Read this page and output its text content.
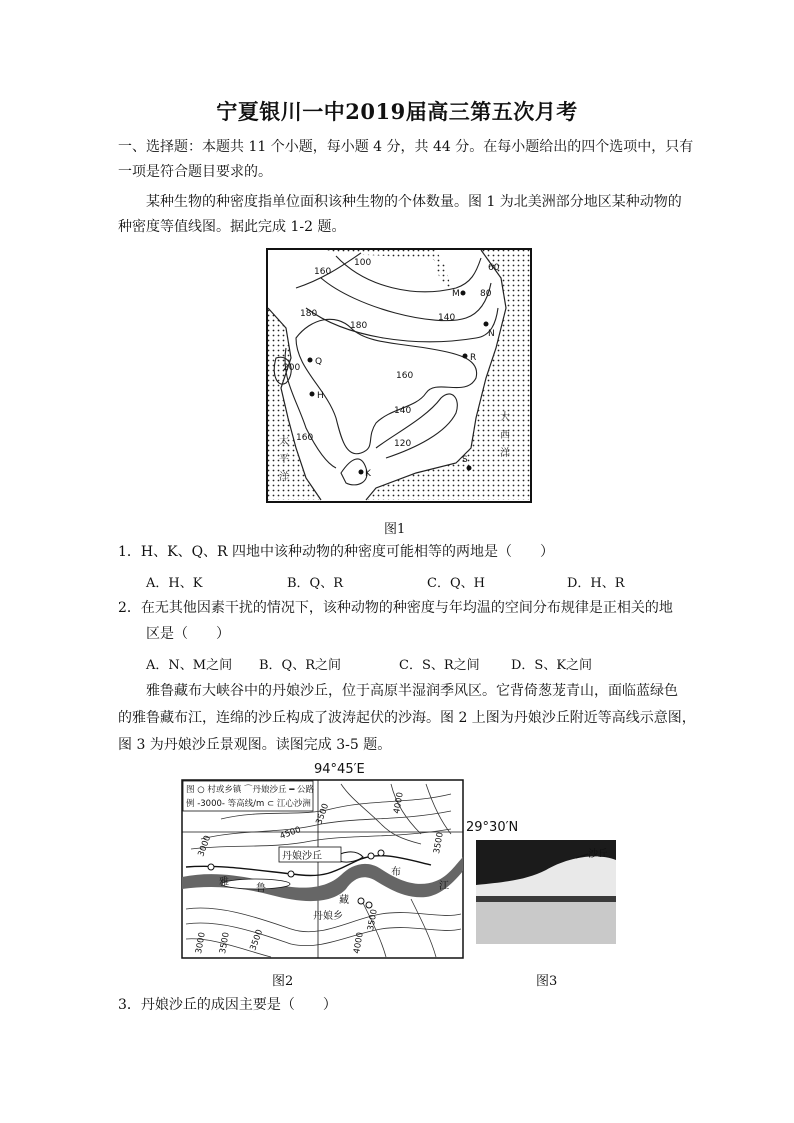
宁夏银川一中2019届高三第五次月考
一、选择题：本题共 11 个小题，每小题 4 分，共 44 分。在每小题给出的四个选项中，只有
一项是符合题目要求的。
某种生物的种密度指单位面积该种生物的个体数量。图 1 为北美洲部分地区某种动物的
种密度等值线图。据此完成 1-2 题。
160
100	60
80
180
180
140
200
160
140
120
160
M
N
Q	R
H
K
S
太
平
洋
大
西
洋
图1
1．H、K、Q、R 四地中该种动物的种密度可能相等的两地是（　　）
A．H、K	B．Q、R	C．Q、H	D．H、R
2．在无其他因素干扰的情况下，该种动物的种密度与年均温的空间分布规律是正相关的地
区是（　　）
A．N、M之间 B．Q、R之间	C．S、R之间 D．S、K之间
雅鲁藏布大峡谷中的丹娘沙丘，位于高原半湿润季风区。它背倚葱茏青山，面临蓝绿色
的雅鲁藏布江，连绵的沙丘构成了波涛起伏的沙海。图 2 上图为丹娘沙丘附近等高线示意图，
图 3 为丹娘沙丘景观图。读图完成 3-5 题。
94°45′E
图 ○ 村或乡镇 ⌒丹娘沙丘 ━ 公路
例 -3000- 等高线/m ⊂ 江心沙洲
丹娘沙丘
丹娘乡
雅
鲁
藏
布
江
4500
4000
3500
3000
3500
3000 3500 3500	4000
3500
29°30′N
图2
沙丘
图3
3．丹娘沙丘的成因主要是（　　）
